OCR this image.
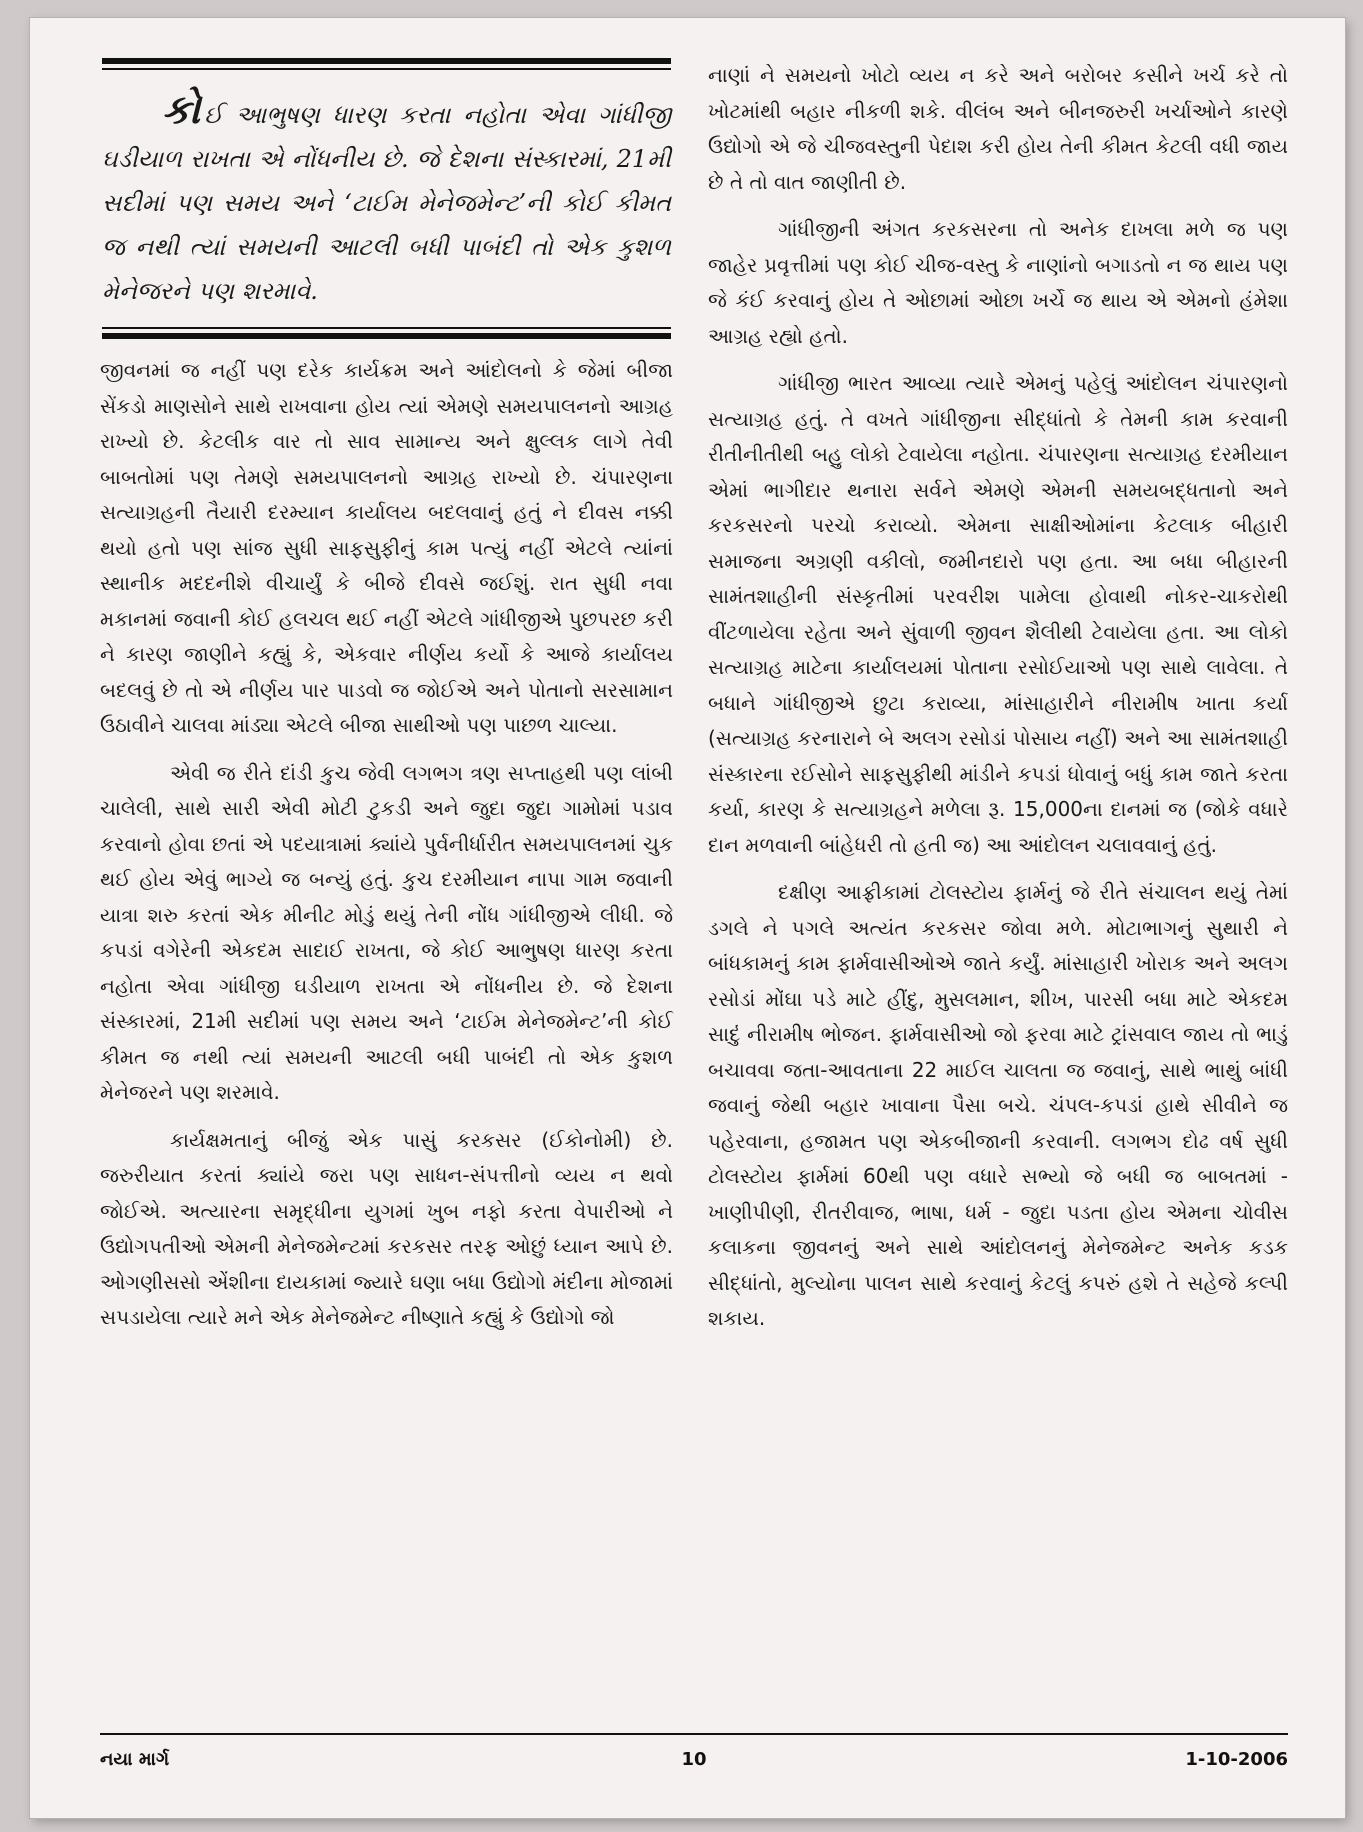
કોઈ આભુષણ ધારણ કરતા નહોતા એવા ગાંધીજી ઘડીયાળ રાખતા એ નોંધનીય છે. જે દેશના સંસ્કારમાં, 21મી સદીમાં પણ સમય અને ‘ટાઈમ મેનેજમેન્ટ’ની કોઈ કીમત જ નથી ત્યાં સમયની આટલી બધી પાબંદી તો એક કુશળ મેનેજરને પણ શરમાવે.

જીવનમાં જ નહીં પણ દરેક કાર્યક્રમ અને આંદોલનો કે જેમાં બીજા સેંકડો માણસોને સાથે રાખવાના હોય ત્યાં એમણે સમયપાલનનો આગ્રહ રાખ્યો છે. કેટલીક વાર તો સાવ સામાન્ય અને ક્ષુલ્લક લાગે તેવી બાબતોમાં પણ તેમણે સમયપાલનનો આગ્રહ રાખ્યો છે. ચંપારણના સત્યાગ્રહની તૈયારી દરમ્યાન કાર્યાલય બદલવાનું હતું ને દીવસ નક્કી થયો હતો પણ સાંજ સુધી સાફસુફીનું કામ પત્યું નહીં એટલે ત્યાંનાં સ્થાનીક મદદનીશે વીચાર્યું કે બીજે દીવસે જઈશું. રાત સુધી નવા મકાનમાં જવાની કોઈ હલચલ થઈ નહીં એટલે ગાંધીજીએ પુછપરછ કરી ને કારણ જાણીને કહ્યું કે, એકવાર નીર્ણય કર્યો કે આજે કાર્યાલય બદલવું છે તો એ નીર્ણય પાર પાડવો જ જોઈએ અને પોતાનો સરસામાન ઉઠાવીને ચાલવા માંડ્યા એટલે બીજા સાથીઓ પણ પાછળ ચાલ્યા.

એવી જ રીતે દાંડી કુચ જેવી લગભગ ત્રણ સપ્તાહથી પણ લાંબી ચાલેલી, સાથે સારી એવી મોટી ટુકડી અને જુદા જુદા ગામોમાં પડાવ કરવાનો હોવા છતાં એ પદયાત્રામાં ક્યાંયે પુર્વનીર્ધારીત સમયપાલનમાં ચુક થઈ હોય એવું ભાગ્યે જ બન્યું હતું. કુચ દરમીયાન નાપા ગામ જવાની યાત્રા શરુ કરતાં એક મીનીટ મોડું થયું તેની નોંધ ગાંધીજીએ લીધી. જે કપડાં વગેરેની એકદમ સાદાઈ રાખતા, જે કોઈ આભુષણ ધારણ કરતા નહોતા એવા ગાંધીજી ઘડીયાળ રાખતા એ નોંધનીય છે. જે દેશના સંસ્કારમાં, 21મી સદીમાં પણ સમય અને ‘ટાઈમ મેનેજમેન્ટ’ની કોઈ કીમત જ નથી ત્યાં સમયની આટલી બધી પાબંદી તો એક કુશળ મેનેજરને પણ શરમાવે.

કાર્યક્ષમતાનું બીજું એક પાસું કરકસર (ઈકોનોમી) છે. જરુરીયાત કરતાં ક્યાંયે જરા પણ સાધન-સંપત્તીનો વ્યય ન થવો જોઈએ. અત્યારના સમૃદ્ધીના યુગમાં ખુબ નફો કરતા વેપારીઓ ને ઉદ્યોગપતીઓ એમની મેનેજમેન્ટમાં કરકસર તરફ ઓછું ધ્યાન આપે છે. ઓગણીસસો એંશીના દાયકામાં જ્યારે ઘણા બધા ઉદ્યોગો મંદીના મોજામાં સપડાયેલા ત્યારે મને એક મેનેજમેન્ટ નીષ્ણાતે કહ્યું કે ઉદ્યોગો જો

નાણાં ને સમયનો ખોટો વ્યય ન કરે અને બરોબર કસીને ખર્ચ કરે તો ખોટમાંથી બહાર નીકળી શકે. વીલંબ અને બીનજરુરી ખર્ચાઓને કારણે ઉદ્યોગો એ જે ચીજવસ્તુની પેદાશ કરી હોય તેની કીમત કેટલી વધી જાય છે તે તો વાત જાણીતી છે.

ગાંધીજીની અંગત કરકસરના તો અનેક દાખલા મળે જ પણ જાહેર પ્રવૃત્તીમાં પણ કોઈ ચીજ-વસ્તુ કે નાણાંનો બગાડતો ન જ થાય પણ જે કંઈ કરવાનું હોય તે ઓછામાં ઓછા ખર્ચે જ થાય એ એમનો હંમેશા આગ્રહ રહ્યો હતો.

ગાંધીજી ભારત આવ્યા ત્યારે એમનું પહેલું આંદોલન ચંપારણનો સત્યાગ્રહ હતું. તે વખતે ગાંધીજીના સીદ્ધાંતો કે તેમની કામ કરવાની રીતીનીતીથી બહુ લોકો ટેવાયેલા નહોતા. ચંપારણના સત્યાગ્રહ દરમીયાન એમાં ભાગીદાર થનારા સર્વને એમણે એમની સમયબદ્ધતાનો અને કરકસરનો પરચો કરાવ્યો. એમના સાક્ષીઓમાંના કેટલાક બીહારી સમાજના અગ્રણી વકીલો, જમીનદારો પણ હતા. આ બધા બીહારની સામંતશાહીની સંસ્કૃતીમાં પરવરીશ પામેલા હોવાથી નોકર-ચાકરોથી વીંટળાયેલા રહેતા અને સુંવાળી જીવન શૈલીથી ટેવાયેલા હતા. આ લોકો સત્યાગ્રહ માટેના કાર્યાલયમાં પોતાના રસોઈયાઓ પણ સાથે લાવેલા. તે બધાને ગાંધીજીએ છુટા કરાવ્યા, માંસાહારીને નીરામીષ ખાતા કર્યા (સત્યાગ્રહ કરનારાને બે અલગ રસોડાં પોસાય નહીં) અને આ સામંતશાહી સંસ્કારના રઈસોને સાફસુફીથી માંડીને કપડાં ધોવાનું બધું કામ જાતે કરતા કર્યા, કારણ કે સત્યાગ્રહને મળેલા રૂ. 15,000ના દાનમાં જ (જોકે વધારે દાન મળવાની બાંહેધરી તો હતી જ) આ આંદોલન ચલાવવાનું હતું.

દક્ષીણ આફ્રીકામાં ટોલસ્ટોય ફાર્મનું જે રીતે સંચાલન થયું તેમાં ડગલે ને પગલે અત્યંત કરકસર જોવા મળે. મોટાભાગનું સુથારી ને બાંધકામનું કામ ફાર્મવાસીઓએ જાતે કર્યું. માંસાહારી ખોરાક અને અલગ રસોડાં મોંઘા પડે માટે હીંદુ, મુસલમાન, શીખ, પારસી બધા માટે એકદમ સાદું નીરામીષ ભોજન. ફાર્મવાસીઓ જો ફરવા માટે ટ્રાંસવાલ જાય તો ભાડું બચાવવા જતા-આવતાના 22 માઈલ ચાલતા જ જવાનું, સાથે ભાથું બાંધી જવાનું જેથી બહાર ખાવાના પૈસા બચે. ચંપલ-કપડાં હાથે સીવીને જ પહેરવાના, હજામત પણ એકબીજાની કરવાની. લગભગ દોઢ વર્ષ સુધી ટોલસ્ટોય ફાર્મમાં 60થી પણ વધારે સભ્યો જે બધી જ બાબતમાં - ખાણીપીણી, રીતરીવાજ, ભાષા, ધર્મ - જુદા પડતા હોય એમના ચોવીસ કલાકના જીવનનું અને સાથે આંદોલનનું મેનેજમેન્ટ અનેક કડક સીદ્ધાંતો, મુલ્યોના પાલન સાથે કરવાનું કેટલું કપરું હશે તે સહેજે કલ્પી શકાય.

નયા માર્ગ	10	1-10-2006
